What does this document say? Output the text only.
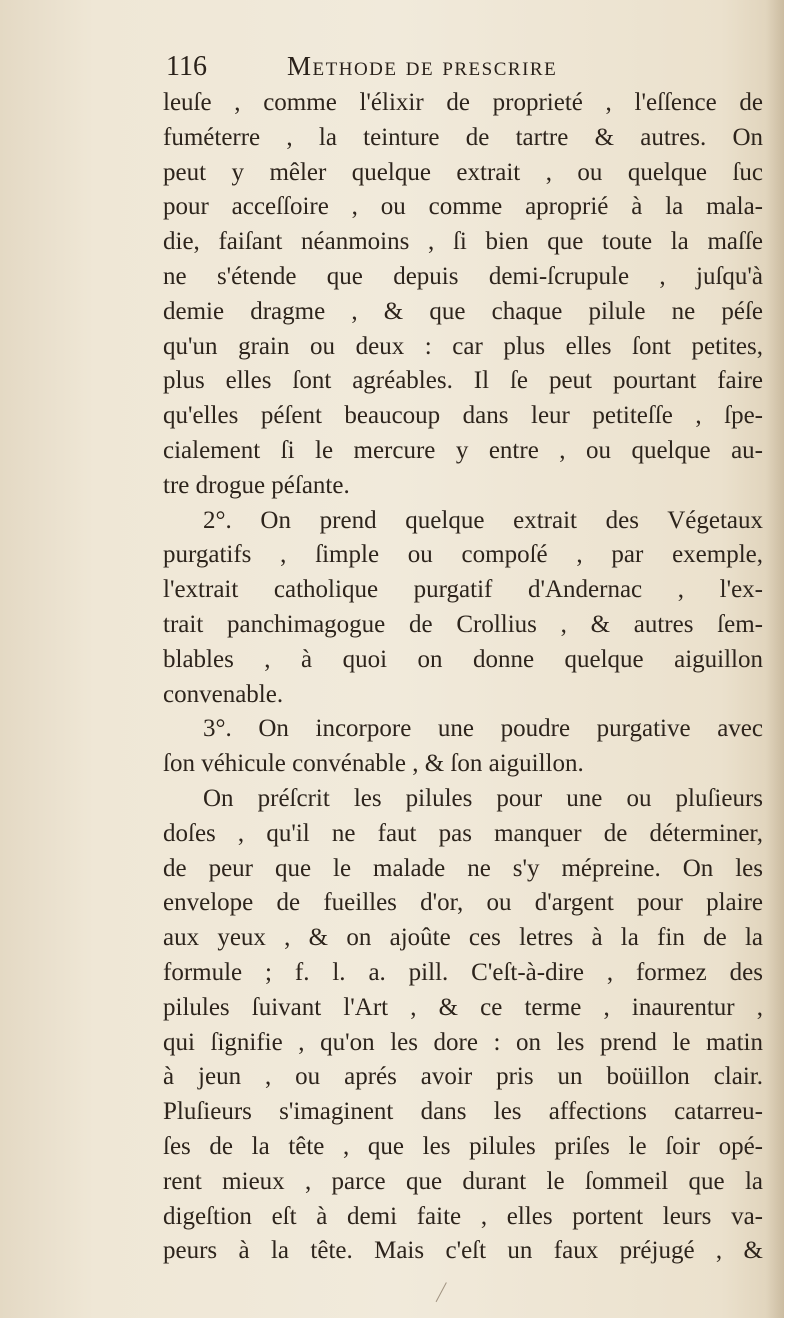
116	Methode de prescrire
leuſe , comme l'élixir de proprieté , l'eſſence de
fuméterre , la teinture de tartre & autres. On
peut y mêler quelque extrait , ou quelque ſuc
pour acceſſoire , ou comme aproprié à la mala-
die, faiſant néanmoins , ſi bien que toute la maſſe
ne s'étende que depuis demi-ſcrupule , juſqu'à
demie dragme , & que chaque pilule ne péſe
qu'un grain ou deux : car plus elles ſont petites,
plus elles ſont agréables. Il ſe peut pourtant faire
qu'elles péſent beaucoup dans leur petiteſſe , ſpe-
cialement ſi le mercure y entre , ou quelque au-
tre drogue péſante.
2°. On prend quelque extrait des Végetaux
purgatifs , ſimple ou compoſé , par exemple,
l'extrait catholique purgatif d'Andernac , l'ex-
trait panchimagogue de Crollius , & autres ſem-
blables , à quoi on donne quelque aiguillon
convenable.
3°. On incorpore une poudre purgative avec
ſon véhicule convénable , & ſon aiguillon.
On préſcrit les pilules pour une ou pluſieurs
doſes , qu'il ne faut pas manquer de déterminer,
de peur que le malade ne s'y mépreine. On les
envelope de fueilles d'or, ou d'argent pour plaire
aux yeux , & on ajoûte ces letres à la fin de la
formule ; f. l. a. pill. C'eſt-à-dire , formez des
pilules ſuivant l'Art , & ce terme , inaurentur ,
qui ſignifie , qu'on les dore : on les prend le matin
à jeun , ou aprés avoir pris un boüillon clair.
Pluſieurs s'imaginent dans les affections catarreu-
ſes de la tête , que les pilules priſes le ſoir opé-
rent mieux , parce que durant le ſommeil que la
digeſtion eſt à demi faite , elles portent leurs va-
peurs à la tête. Mais c'eſt un faux préjugé , &
